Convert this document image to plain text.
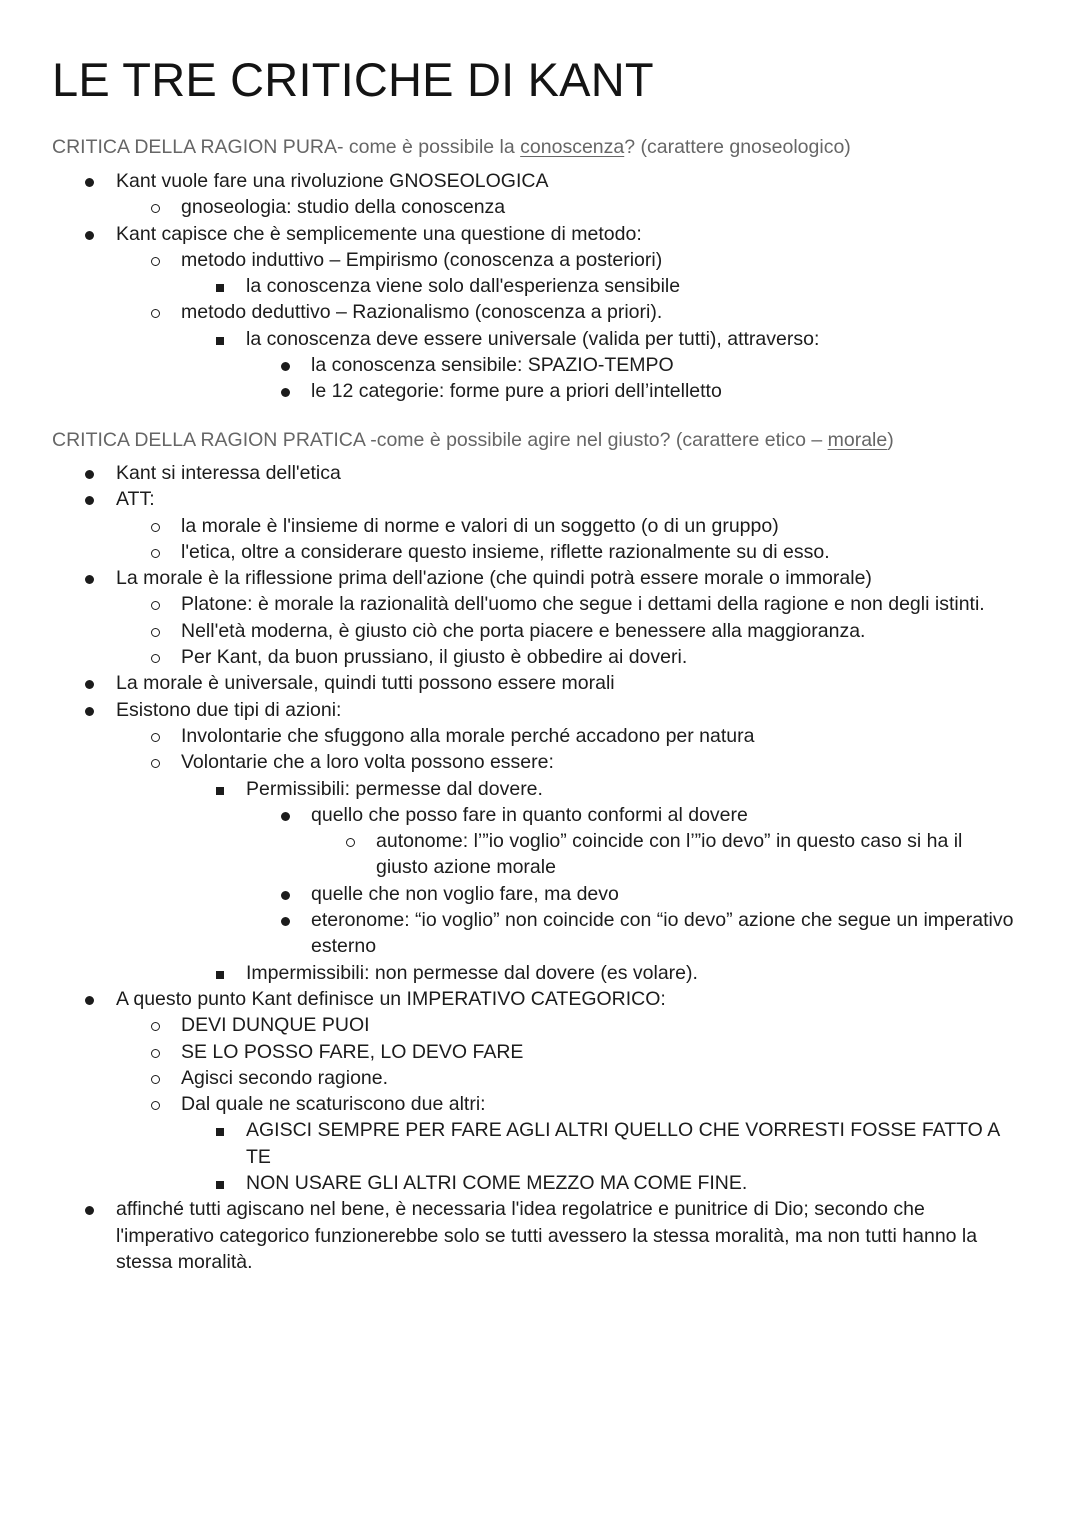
LE TRE CRITICHE DI KANT

CRITICA DELLA RAGION PURA- come è possibile la conoscenza? (carattere gnoseologico)

Kant vuole fare una rivoluzione GNOSEOLOGICA
gnoseologia: studio della conoscenza
Kant capisce che è semplicemente una questione di metodo:
metodo induttivo – Empirismo (conoscenza a posteriori)
la conoscenza viene solo dall'esperienza sensibile
metodo deduttivo – Razionalismo (conoscenza a priori).
la conoscenza deve essere universale (valida per tutti), attraverso:
la conoscenza sensibile: SPAZIO-TEMPO
le 12 categorie: forme pure a priori dell’intelletto

CRITICA DELLA RAGION PRATICA -come è possibile agire nel giusto? (carattere etico – morale)

Kant si interessa dell'etica
ATT:
la morale è l'insieme di norme e valori di un soggetto (o di un gruppo)
l'etica, oltre a considerare questo insieme, riflette razionalmente su di esso.
La morale è la riflessione prima dell'azione (che quindi potrà essere morale o immorale)
Platone: è morale la razionalità dell'uomo che segue i dettami della ragione e non degli istinti.
Nell'età moderna, è giusto ciò che porta piacere e benessere alla maggioranza.
Per Kant, da buon prussiano, il giusto è obbedire ai doveri.
La morale è universale, quindi tutti possono essere morali
Esistono due tipi di azioni:
Involontarie che sfuggono alla morale perché accadono per natura
Volontarie che a loro volta possono essere:
Permissibili: permesse dal dovere.
quello che posso fare in quanto conformi al dovere
autonome: l’”io voglio” coincide con l’”io devo” in questo caso si ha il giusto azione morale
quelle che non voglio fare, ma devo
eteronome: “io voglio” non coincide con “io devo” azione che segue un imperativo esterno
Impermissibili: non permesse dal dovere (es volare).
A questo punto Kant definisce un IMPERATIVO CATEGORICO:
DEVI DUNQUE PUOI
SE LO POSSO FARE, LO DEVO FARE
Agisci secondo ragione.
Dal quale ne scaturiscono due altri:
AGISCI SEMPRE PER FARE AGLI ALTRI QUELLO CHE VORRESTI FOSSE FATTO A TE
NON USARE GLI ALTRI COME MEZZO MA COME FINE.
affinché tutti agiscano nel bene, è necessaria l'idea regolatrice e punitrice di Dio; secondo che l'imperativo categorico funzionerebbe solo se tutti avessero la stessa moralità, ma non tutti hanno la stessa moralità.
